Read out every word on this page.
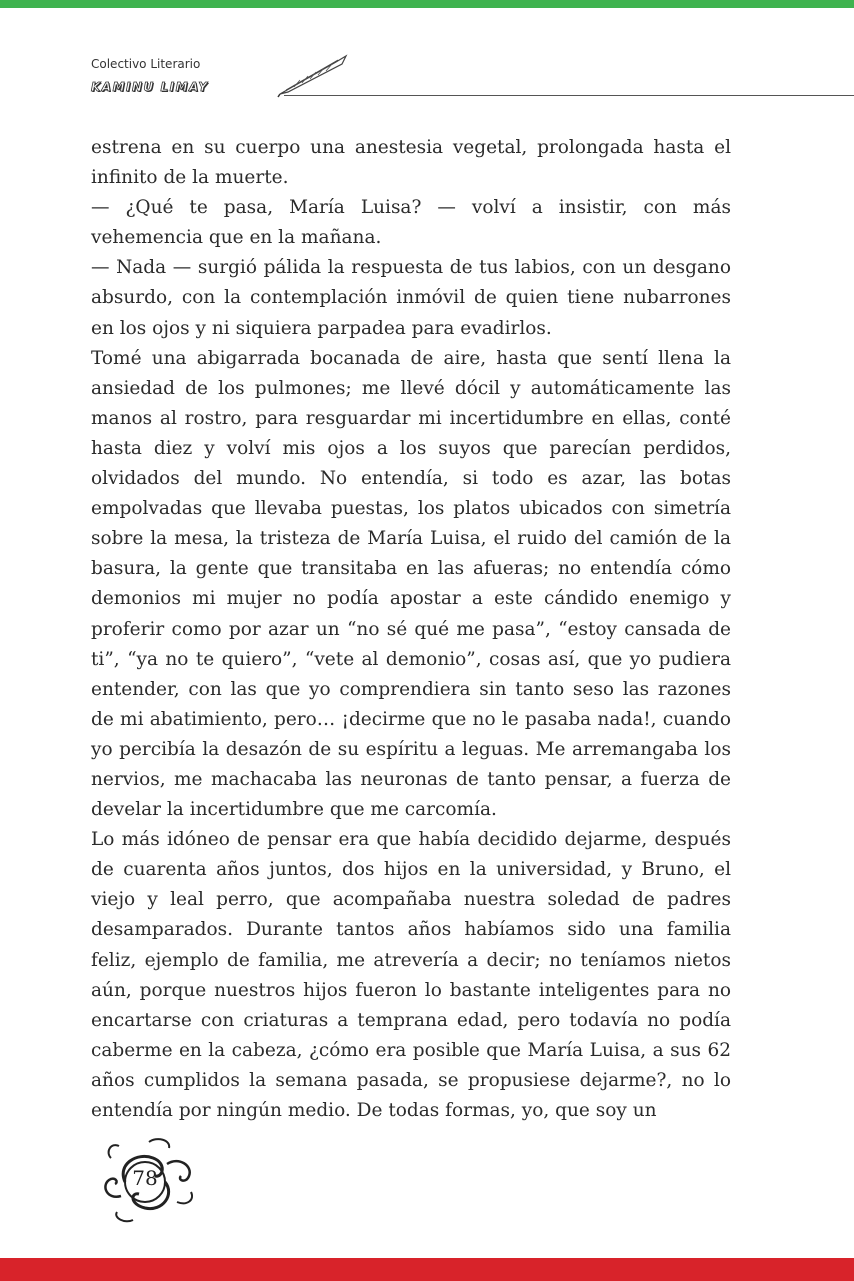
Colectivo Literario
KAMINU LIMAY

estrena en su cuerpo una anestesia vegetal, prolongada hasta el infinito de la muerte.

— ¿Qué te pasa, María Luisa? — volví a insistir, con más vehemencia que en la mañana.

— Nada — surgió pálida la respuesta de tus labios, con un desgano absurdo, con la contemplación inmóvil de quien tiene nubarrones en los ojos y ni siquiera parpadea para evadirlos.

Tomé una abigarrada bocanada de aire, hasta que sentí llena la ansiedad de los pulmones; me llevé dócil y automáticamente las manos al rostro, para resguardar mi incertidumbre en ellas, conté hasta diez y volví mis ojos a los suyos que parecían perdidos, olvidados del mundo. No entendía, si todo es azar, las botas empolvadas que llevaba puestas, los platos ubicados con simetría sobre la mesa, la tristeza de María Luisa, el ruido del camión de la basura, la gente que transitaba en las afueras; no entendía cómo demonios mi mujer no podía apostar a este cándido enemigo y proferir como por azar un “no sé qué me pasa”, “estoy cansada de ti”, “ya no te quiero”, “vete al demonio”, cosas así, que yo pudiera entender, con las que yo comprendiera sin tanto seso las razones de mi abatimiento, pero… ¡decirme que no le pasaba nada!, cuando yo percibía la desazón de su espíritu a leguas. Me arremangaba los nervios, me machacaba las neuronas de tanto pensar, a fuerza de develar la incertidumbre que me carcomía.

Lo más idóneo de pensar era que había decidido dejarme, después de cuarenta años juntos, dos hijos en la universidad, y Bruno, el viejo y leal perro, que acompañaba nuestra soledad de padres desamparados. Durante tantos años habíamos sido una familia feliz, ejemplo de familia, me atrevería a decir; no teníamos nietos aún, porque nuestros hijos fueron lo bastante inteligentes para no encartarse con criaturas a temprana edad, pero todavía no podía caberme en la cabeza, ¿cómo era posible que María Luisa, a sus 62 años cumplidos la semana pasada, se propusiese dejarme?, no lo entendía por ningún medio. De todas formas, yo, que soy un

78
